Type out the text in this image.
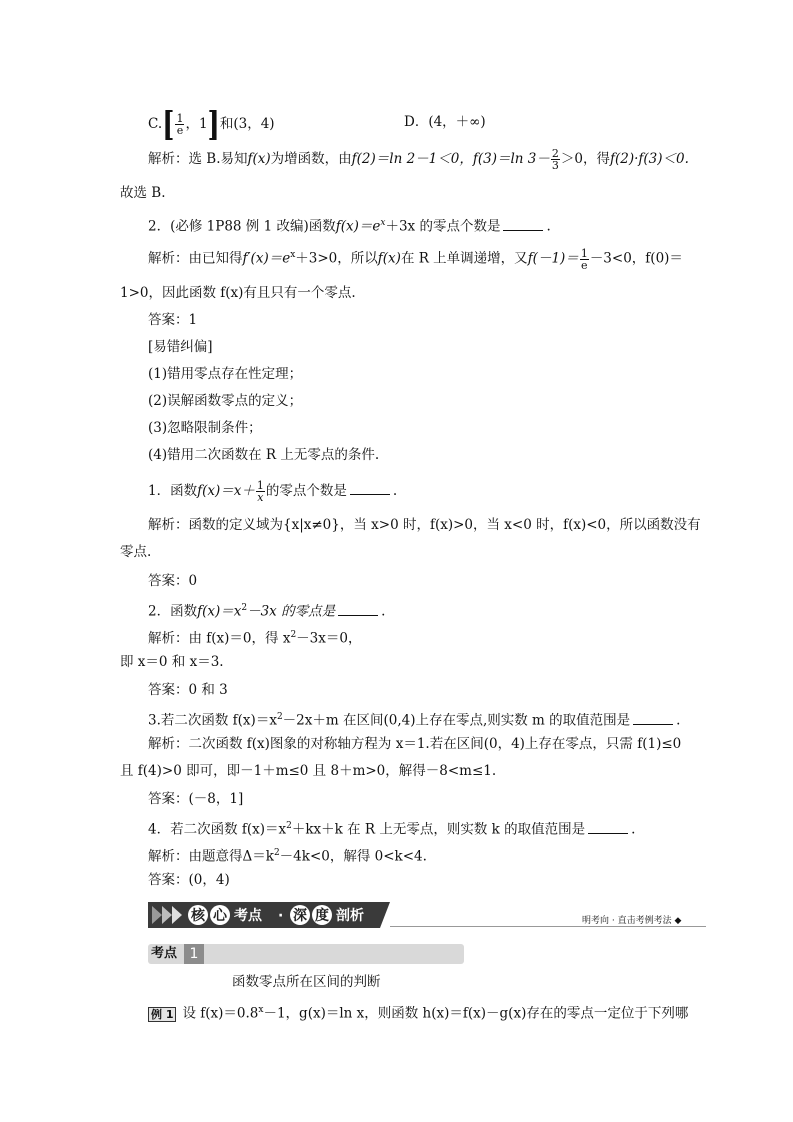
$C.[ \frac{1}{e}$ ，1]和(3，4)	D．(4，＋∞)
解析：选 B.易知f(x)为增函数，由f(2)＝ln 2－1＜0，f(3)＝ln $3- \frac{2}{3} >0$，得f(2)·f(3)＜0.
故选 B.
2．(必修 1P88 例 1 改编)函数$f(x)=e^x+3x$ 的零点个数是	.
解析：由已知得$f'(x)=e^x+3>0$，所以f(x)在 R 上单调递增，又$f(-1)= \frac{1}{e} -3<0$，f(0)＝
1>0，因此函数 f(x)有且只有一个零点.
答案：1
[易错纠偏]
(1)错用零点存在性定理；
(2)误解函数零点的定义；
(3)忽略限制条件；
(4)错用二次函数在 R 上无零点的条件.
1．函数$f(x)=x+ \frac{1}{x}$ 的零点个数是	.
解析：函数的定义域为{x|x≠0}，当 x>0 时，f(x)>0，当 x<0 时，f(x)<0，所以函数没有
零点.
答案：0
2．函数$f(x)=x^2-3x$ 的零点是	.
解析：由 f(x)＝0，得 $x^2-3x=0$，
即 x＝0 和 x＝3.
答案：0 和 3
3.若二次函数 $f(x)=x^2-2x+m$ 在区间(0,4)上存在零点,则实数 m 的取值范围是	.
解析：二次函数 f(x)图象的对称轴方程为 x＝1.若在区间(0，4)上存在零点，只需 f(1)≤0
且 f(4)>0 即可，即－1＋m≤0 且 8＋m>0，解得－8<m≤1.
答案：(－8，1]
4．若二次函数 $f(x)=x^2+kx+k$ 在 R 上无零点，则实数 k 的取值范围是	.
解析：由题意得$\Delta=k^2-4k<0$，解得 0<k<4.
答案：(0，4)
核 心 考点 · 深 度 剖析	明考向 · 直击考例考法 ◆
考点 1
函数零点所在区间的判断
例 1 设 $f(x)=0.8^x-1$，g(x)＝ln x，则函数 h(x)＝f(x)－g(x)存在的零点一定位于下列哪
